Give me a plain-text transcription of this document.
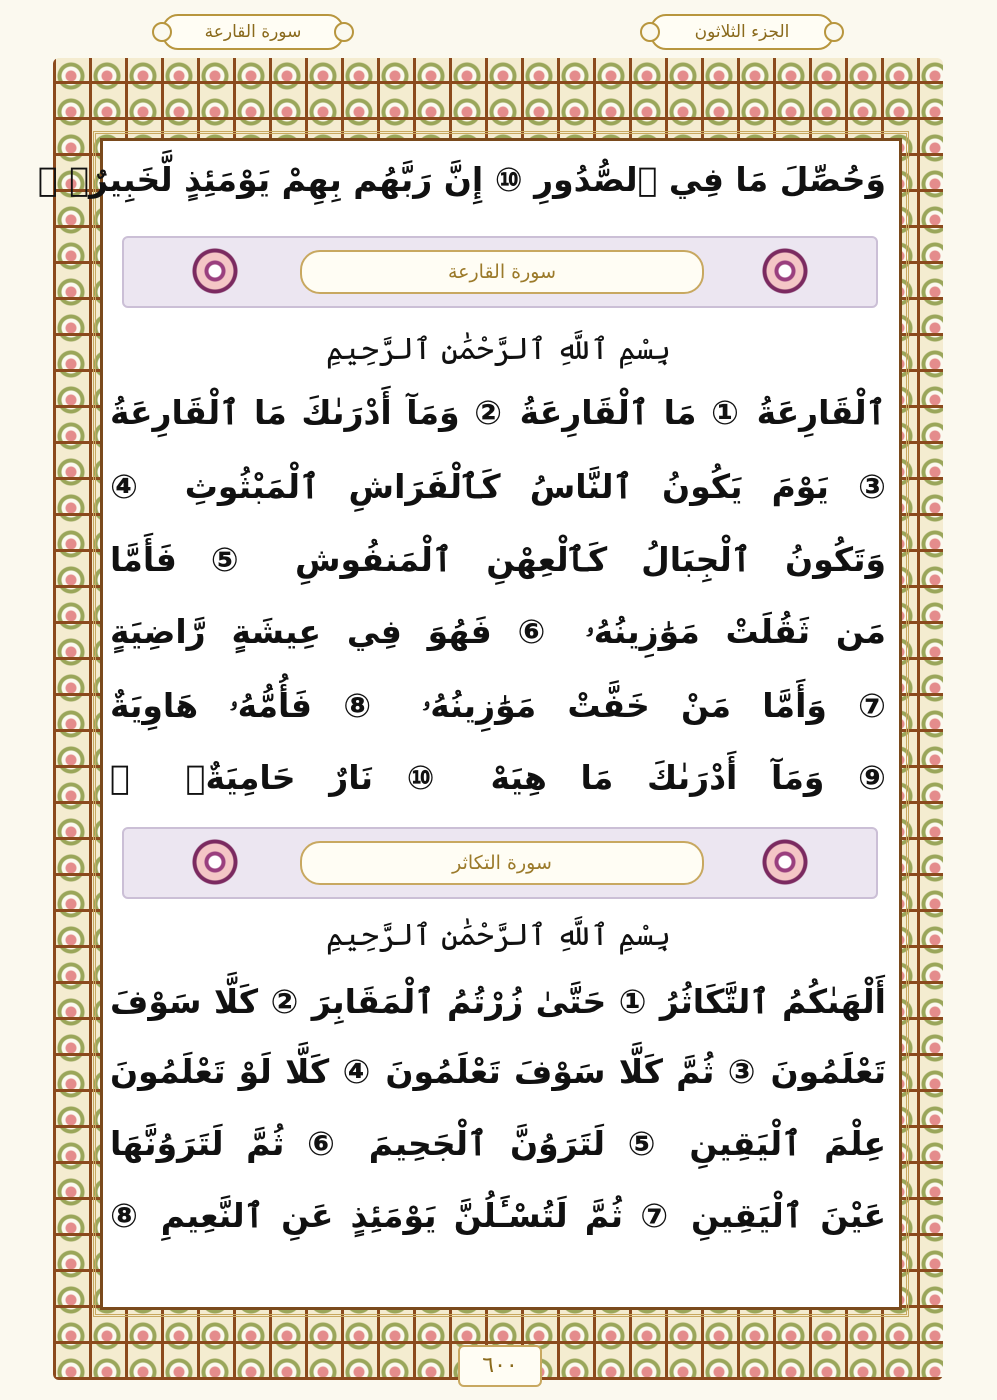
سورة القارعة	الجزء الثلاثون
وَحُصِّلَ مَا فِي ٱلصُّدُورِ ⑩ إِنَّ رَبَّهُم بِهِمْ يَوْمَئِذٍ لَّخَبِيرٌۢ ⑪
سورة القارعة
بِسْمِ ٱللَّهِ ٱلرَّحْمَٰنِ ٱلرَّحِيمِ
ٱلْقَارِعَةُ ① مَا ٱلْقَارِعَةُ ② وَمَآ أَدْرَىٰكَ مَا ٱلْقَارِعَةُ
③ يَوْمَ يَكُونُ ٱلنَّاسُ كَٱلْفَرَاشِ ٱلْمَبْثُوثِ ④
وَتَكُونُ ٱلْجِبَالُ كَٱلْعِهْنِ ٱلْمَنفُوشِ ⑤ فَأَمَّا
مَن ثَقُلَتْ مَوَٰزِينُهُۥ ⑥ فَهُوَ فِي عِيشَةٍ رَّاضِيَةٍ
⑦ وَأَمَّا مَنْ خَفَّتْ مَوَٰزِينُهُۥ ⑧ فَأُمُّهُۥ هَاوِيَةٌ
⑨ وَمَآ أَدْرَىٰكَ مَا هِيَهْ ⑩ نَارٌ حَامِيَةٌۢ ⑪
سورة التكاثر
بِسْمِ ٱللَّهِ ٱلرَّحْمَٰنِ ٱلرَّحِيمِ
أَلْهَىٰكُمُ ٱلتَّكَاثُرُ ① حَتَّىٰ زُرْتُمُ ٱلْمَقَابِرَ ② كَلَّا سَوْفَ
تَعْلَمُونَ ③ ثُمَّ كَلَّا سَوْفَ تَعْلَمُونَ ④ كَلَّا لَوْ تَعْلَمُونَ
عِلْمَ ٱلْيَقِينِ ⑤ لَتَرَوُنَّ ٱلْجَحِيمَ ⑥ ثُمَّ لَتَرَوُنَّهَا
عَيْنَ ٱلْيَقِينِ ⑦ ثُمَّ لَتُسْـَٔلُنَّ يَوْمَئِذٍ عَنِ ٱلنَّعِيمِ ⑧
٦٠٠
